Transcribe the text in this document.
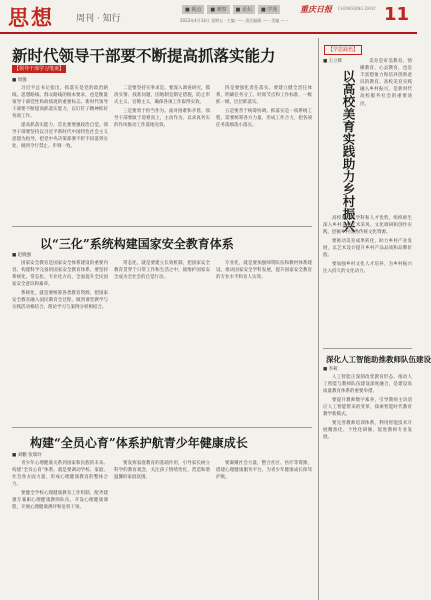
思想 周刊 · 知行
■ 视点	■ 观察	■ 论坛	■ 学苑	重庆日报 CHONGQING DAILY
2023年4月14日 星期五 · 主编 ······ 责任编辑 ······ 美编 ······	11
新时代领导干部要不断提高抓落实能力
【领导干部学习笔谈】
■ 周强

习近平总书记指出，抓落实是党的政治路线、思想路线、群众路线的根本要求，也是衡量领导干部党性和政绩观的重要标志。新时代领导干部要不断提高抓落实能力，以钉钉子精神抓好各项工作。

提高抓落实能力，首先要增强政治自觉。领导干部要坚持以习近平新时代中国特色社会主义思想为指导，把党中央决策部署不折不扣落到实处，做到令行禁止、步调一致。

二是要坚持实事求是。要深入调查研究，摸清实情、找准问题，因地制宜制定措施，防止形式主义、官僚主义，确保各项工作取得实效。

三是要勇于担当作为。面对困难和矛盾，领导干部要敢于迎难而上，主动作为，以求真务实的作风推动工作落地见效。

四是要强化责任落实。要建立健全责任体系，明确任务分工、时间节点和工作标准，一级抓一级、层层抓落实。

五是要善于统筹协调。抓落实是一项系统工程，需要统筹各方力量，形成工作合力，把各项任务落细落小落实。

以“三化”系统构建国家安全教育体系
■ 赵晓强

国家安全教育是国家安全体系建设的重要内容。构建科学完备的国家安全教育体系，要坚持系统化、常态化、专业化方向，全面提升全民国家安全意识和素养。

系统化，就是要统筹各类教育资源，把国家安全教育融入国民教育全过程，做到课堂教学与实践活动相结合、理论学习与案例分析相结合。

常态化，就是要建立长效机制，把国家安全教育贯穿于日常工作和生活之中，使维护国家安全成为全社会的自觉行动。

专业化，就是要加强师资队伍和教材体系建设，推动国家安全学科发展，提升国家安全教育的专业水平和育人实效。

构建“全员心育”体系护航青少年健康成长
■ 刘鹏 张瑞玲

青少年心理健康关系到国家和民族的未来。构建“全员心育”体系，就是要调动学校、家庭、社会各方面力量，形成心理健康教育的整体合力。

要健全学校心理健康教育工作机制，配齐建强专兼职心理健康教师队伍，开设心理健康课程，开展心理健康测评和危机干预。

要发挥家庭教育的基础作用，引导家长树立科学的教育观念，关注孩子情绪变化，营造和谐温馨的家庭氛围。

要凝聚社会力量，整合社区、医疗等资源，搭建心理健康服务平台，为青少年健康成长保驾护航。

【学思践悟】
■ 王立辉
以高校美育实践助力乡村振兴

美育是审美教育、情操教育、心灵教育，也是丰富想象力和培养创新意识的教育。高校美育实践融入乡村振兴，是新时代高校服务社会的重要途径。

高校要发挥学科和人才优势，组织师生深入乡村开展艺术采风、文化调研和创作实践，挖掘乡村优秀传统文化资源。

要推动美育成果转化，助力乡村产业发展，以艺术设计提升乡村产品品质和品牌价值。

要加强乡村文化人才培养，为乡村振兴注入持久的文化动力。

深化人工智能助推教师队伍建设
■ 李莉

人工智能正深刻改变教育形态。推动人工智能与教师队伍建设深度融合，是建设高质量教育体系的重要举措。

要提升教师数字素养，引导教师主动适应人工智能带来的变革，探索智能时代教育教学新模式。

要完善教师培训体系，利用智能技术开展精准化、个性化研修，促进教师专业发展。
